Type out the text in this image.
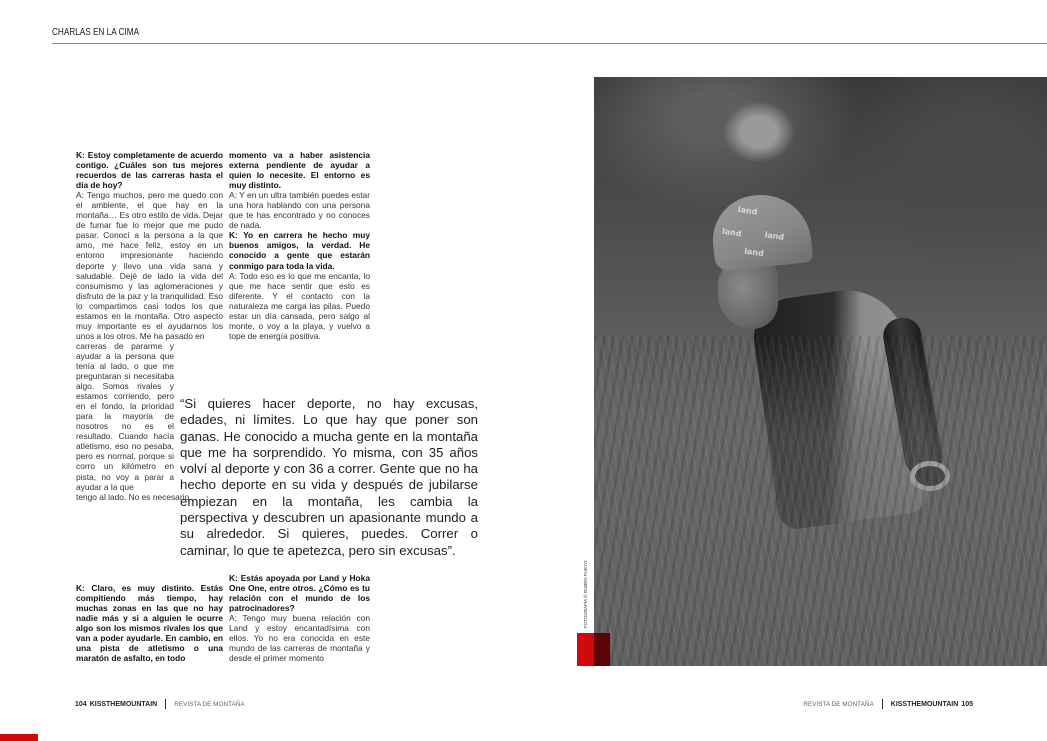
CHARLAS EN LA CIMA

K: Estoy completamente de acuerdo contigo. ¿Cuáles son tus mejores recuerdos de las carreras hasta el día de hoy?

A: Tengo muchos, pero me quedo con el ambiente, el que hay en la montaña… Es otro estilo de vida. Dejar de fumar fue lo mejor que me pudo pasar. Conocí a la persona a la que amo, me hace feliz, estoy en un entorno impresionante haciendo deporte y llevo una vida sana y saludable. Dejé de lado la vida del consumismo y las aglomeraciones y disfruto de la paz y la tranquilidad. Eso lo compartimos casi todos los que estamos en la montaña. Otro aspecto muy importante es el ayudarnos los unos a los otros. Me ha pasado en

carreras de pararme y ayudar a la persona que tenía al lado, o que me preguntaran si necesitaba algo. Somos rivales y estamos corriendo, pero en el fondo, la prioridad para la mayoría de nosotros no es el resultado. Cuando hacía atletismo, eso no pesaba, pero es normal, porque si corro un kilómetro en pista, no voy a parar a ayudar a la que

tengo al lado. No es necesario.

K: Claro, es muy distinto. Estás compitiendo más tiempo, hay muchas zonas en las que no hay nadie más y si a alguien le ocurre algo son los mismos rivales los que van a poder ayudarle. En cambio, en una pista de atletismo o una maratón de asfalto, en todo

momento va a haber asistencia externa pendiente de ayudar a quien lo necesite. El entorno es muy distinto.

A: Y en un ultra también puedes estar una hora hablando con una persona que te has encontrado y no conoces de nada.

K: Yo en carrera he hecho muy buenos amigos, la verdad. He conocido a gente que estarán conmigo para toda la vida.

A: Todo eso es lo que me encanta, lo que me hace sentir que esto es diferente. Y el contacto con la naturaleza me carga las pilas. Puedo estar un día cansada, pero salgo al monte, o voy a la playa, y vuelvo a tope de energía positiva.

“Si quieres hacer deporte, no hay excusas, edades, ni límites. Lo que hay que poner son ganas. He conocido a mucha gente en la montaña que me ha sorprendido. Yo misma, con 35 años volví al deporte y con 36 a correr. Gente que no ha hecho deporte en su vida y después de jubilarse empiezan en la montaña, les cambia la perspectiva y descubren un apasionante mundo a su alrededor. Si quieres, puedes. Correr o caminar, lo que te apetezca, pero sin excusas”.

K: Estás apoyada por Land y Hoka One One, entre otros. ¿Cómo es tu relación con el mundo de los patrocinadores?

A: Tengo muy buena relación con Land y estoy encantadísima con ellos. Yo no era conocida en este mundo de las carreras de montaña y desde el primer momento

land
land	land
land
FOTOGRAFÍA © RUBÉN PUEYO
104 KISSTHEMOUNTAIN	REVISTA DE MONTAÑA	REVISTA DE MONTAÑA KISSTHEMOUNTAIN 105
